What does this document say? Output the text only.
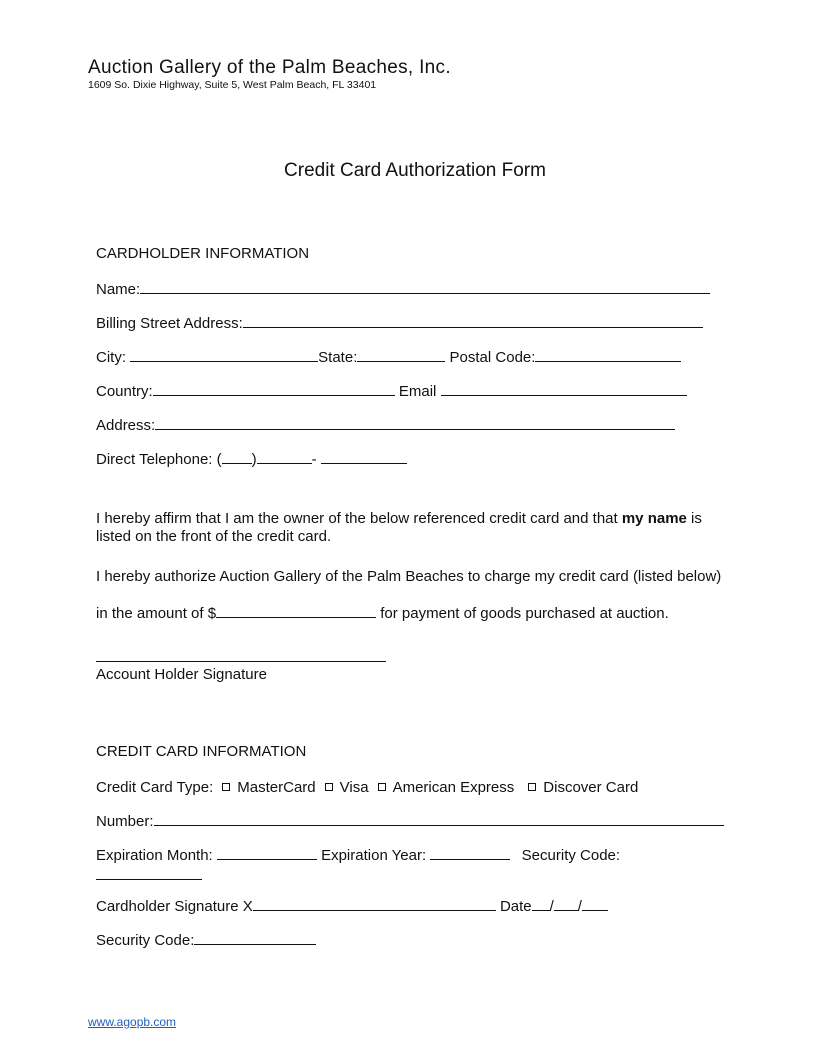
Auction Gallery of the Palm Beaches, Inc.
1609 So. Dixie Highway, Suite 5, West Palm Beach, FL 33401
Credit Card Authorization Form
CARDHOLDER INFORMATION
Name:
Billing Street Address:
City:	State:	Postal Code:
Country:	Email
Address:
Direct Telephone: ( )	-
I hereby affirm that I am the owner of the below referenced credit card and that my name is listed on the front of the credit card.
I hereby authorize Auction Gallery of the Palm Beaches to charge my credit card (listed below)
in the amount of $	for payment of goods purchased at auction.
Account Holder Signature
CREDIT CARD INFORMATION
Credit Card Type: MasterCard Visa American Express Discover Card
Number:
Expiration Month:	Expiration Year:	Security Code:
Cardholder Signature X	Date / /
Security Code:
www.agopb.com
